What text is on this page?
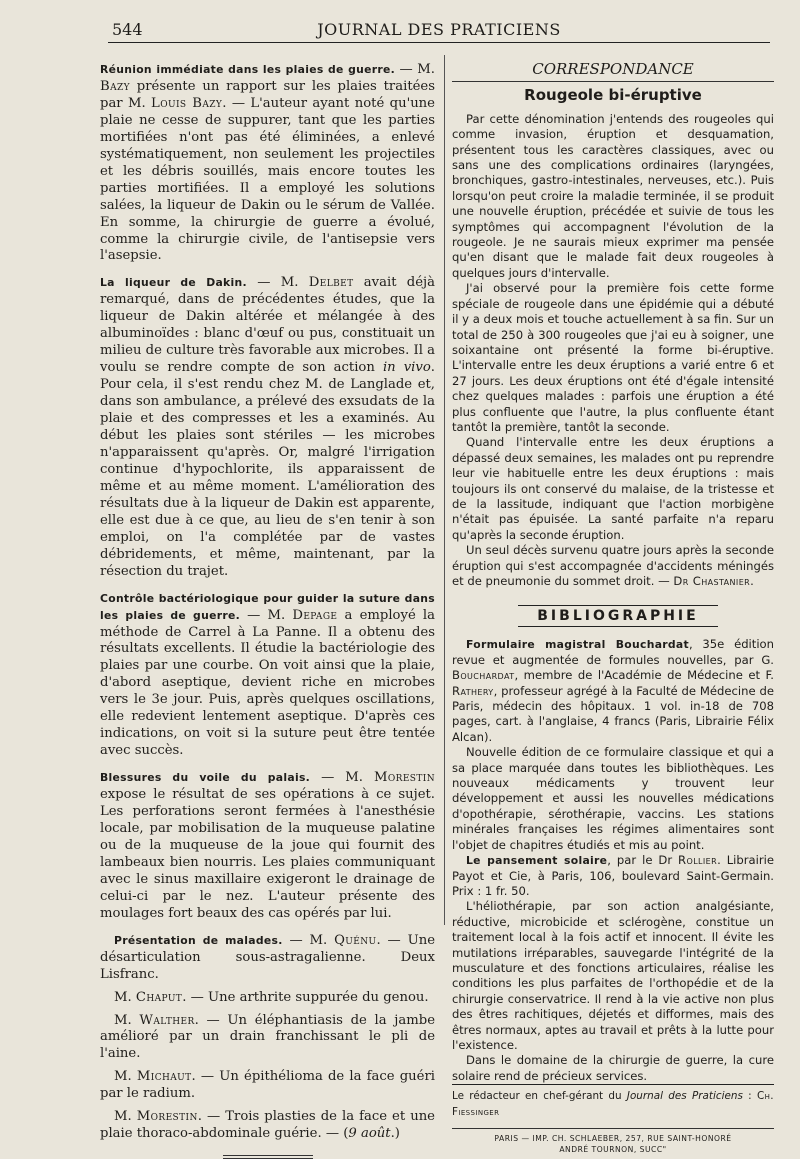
544	JOURNAL DES PRATICIENS

Réunion immédiate dans les plaies de guerre. — M. Bazy présente un rapport sur les plaies traitées par M. Louis Bazy. — L'auteur ayant noté qu'une plaie ne cesse de suppurer, tant que les parties mortifiées n'ont pas été éliminées, a enlevé systématiquement, non seulement les projectiles et les débris souillés, mais encore toutes les parties mortifiées. Il a employé les solutions salées, la liqueur de Dakin ou le sérum de Vallée. En somme, la chirurgie de guerre a évolué, comme la chirurgie civile, de l'antisepsie vers l'asepsie.

La liqueur de Dakin. — M. Delbet avait déjà remarqué, dans de précédentes études, que la liqueur de Dakin altérée et mélangée à des albuminoïdes : blanc d'œuf ou pus, constituait un milieu de culture très favorable aux microbes. Il a voulu se rendre compte de son action in vivo. Pour cela, il s'est rendu chez M. de Langlade et, dans son ambulance, a prélevé des exsudats de la plaie et des compresses et les a examinés. Au début les plaies sont stériles — les microbes n'apparaissent qu'après. Or, malgré l'irrigation continue d'hypochlorite, ils apparaissent de même et au même moment. L'amélioration des résultats due à la liqueur de Dakin est apparente, elle est due à ce que, au lieu de s'en tenir à son emploi, on l'a complétée par de vastes débridements, et même, maintenant, par la résection du trajet.

Contrôle bactériologique pour guider la suture dans les plaies de guerre. — M. Depage a employé la méthode de Carrel à La Panne. Il a obtenu des résultats excellents. Il étudie la bactériologie des plaies par une courbe. On voit ainsi que la plaie, d'abord aseptique, devient riche en microbes vers le 3e jour. Puis, après quelques oscillations, elle redevient lentement aseptique. D'après ces indications, on voit si la suture peut être tentée avec succès.

Blessures du voile du palais. — M. Morestin expose le résultat de ses opérations à ce sujet. Les perforations seront fermées à l'anesthésie locale, par mobilisation de la muqueuse palatine ou de la muqueuse de la joue qui fournit des lambeaux bien nourris. Les plaies communiquant avec le sinus maxillaire exigeront le drainage de celui-ci par le nez. L'auteur présente des moulages fort beaux des cas opérés par lui.

Présentation de malades. — M. Quénu. — Une désarticulation sous-astragalienne. Deux Lisfranc.

M. Chaput. — Une arthrite suppurée du genou.

M. Walther. — Un éléphantiasis de la jambe amélioré par un drain franchissant le pli de l'aine.

M. Michaut. — Un épithélioma de la face guéri par le radium.

M. Morestin. — Trois plasties de la face et une plaie thoraco-abdominale guérie. — (9 août.)

CORRESPONDANCE
Rougeole bi-éruptive

Par cette dénomination j'entends des rougeoles qui comme invasion, éruption et desquamation, présentent tous les caractères classiques, avec ou sans une des complications ordinaires (laryngées, bronchiques, gastro-intestinales, nerveuses, etc.). Puis lorsqu'on peut croire la maladie terminée, il se produit une nouvelle éruption, précédée et suivie de tous les symptômes qui accompagnent l'évolution de la rougeole. Je ne saurais mieux exprimer ma pensée qu'en disant que le malade fait deux rougeoles à quelques jours d'intervalle.

J'ai observé pour la première fois cette forme spéciale de rougeole dans une épidémie qui a débuté il y a deux mois et touche actuellement à sa fin. Sur un total de 250 à 300 rougeoles que j'ai eu à soigner, une soixantaine ont présenté la forme bi-éruptive. L'intervalle entre les deux éruptions a varié entre 6 et 27 jours. Les deux éruptions ont été d'égale intensité chez quelques malades : parfois une éruption a été plus confluente que l'autre, la plus confluente étant tantôt la première, tantôt la seconde.

Quand l'intervalle entre les deux éruptions a dépassé deux semaines, les malades ont pu reprendre leur vie habituelle entre les deux éruptions : mais toujours ils ont conservé du malaise, de la tristesse et de la lassitude, indiquant que l'action morbigène n'était pas épuisée. La santé parfaite n'a reparu qu'après la seconde éruption.

Un seul décès survenu quatre jours après la seconde éruption qui s'est accompagnée d'accidents méningés et de pneumonie du sommet droit. — Dr Chastanier.

BIBLIOGRAPHIE

Formulaire magistral Bouchardat, 35e édition revue et augmentée de formules nouvelles, par G. Bouchardat, membre de l'Académie de Médecine et F. Rathery, professeur agrégé à la Faculté de Médecine de Paris, médecin des hôpitaux. 1 vol. in-18 de 708 pages, cart. à l'anglaise, 4 francs (Paris, Librairie Félix Alcan).

Nouvelle édition de ce formulaire classique et qui a sa place marquée dans toutes les bibliothèques. Les nouveaux médicaments y trouvent leur développement et aussi les nouvelles médications d'opothérapie, sérothérapie, vaccins. Les stations minérales françaises les régimes alimentaires sont l'objet de chapitres étudiés et mis au point.

Le pansement solaire, par le Dr Rollier. Librairie Payot et Cie, à Paris, 106, boulevard Saint-Germain. Prix : 1 fr. 50.

L'héliothérapie, par son action analgésiante, réductive, microbicide et sclérogène, constitue un traitement local à la fois actif et innocent. Il évite les mutilations irréparables, sauvegarde l'intégrité de la musculature et des fonctions articulaires, réalise les conditions les plus parfaites de l'orthopédie et de la chirurgie conservatrice. Il rend à la vie active non plus des êtres rachitiques, déjetés et difformes, mais des êtres normaux, aptes au travail et prêts à la lutte pour l'existence.

Dans le domaine de la chirurgie de guerre, la cure solaire rend de précieux services.

Le rédacteur en chef-gérant du Journal des Praticiens : Ch. Fiessinger

PARIS — IMP. CH. SCHLAEBER, 257, RUE SAINT-HONORÉ
ANDRÉ TOURNON, SUCC"
